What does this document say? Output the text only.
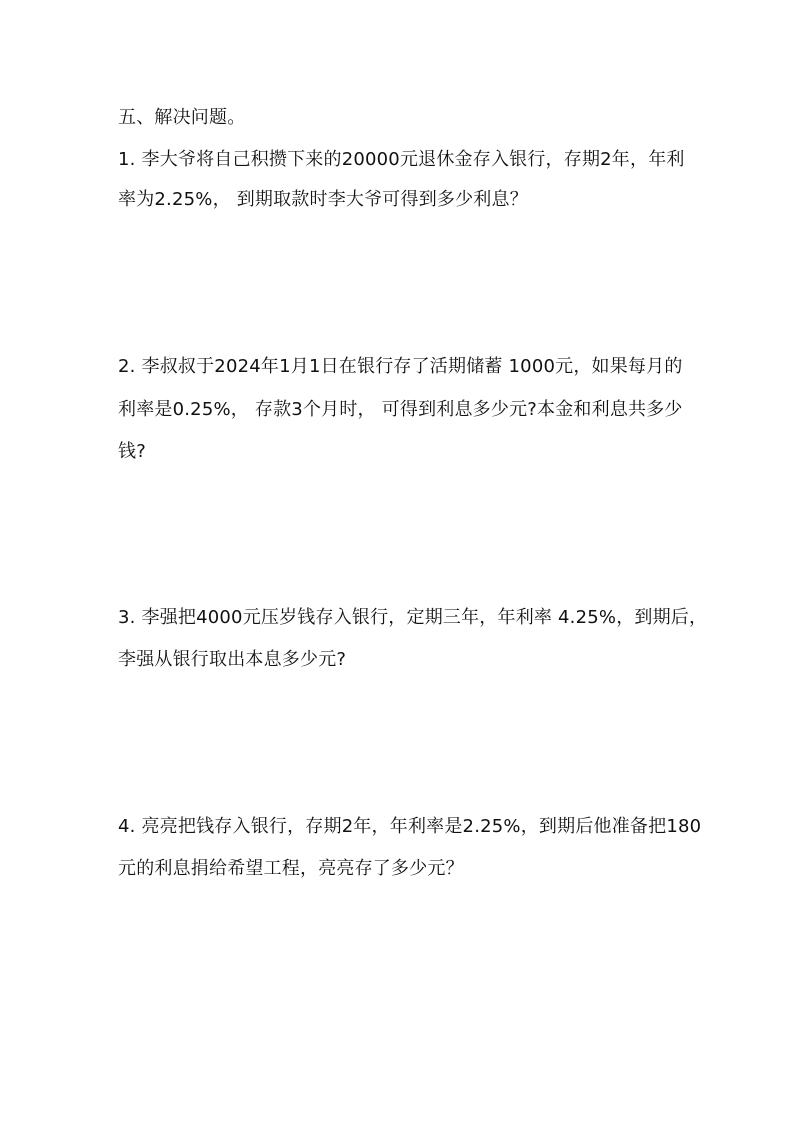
五、解决问题。
1. 李大爷将自己积攒下来的20000元退休金存入银行，存期2年，年利
率为2.25%， 到期取款时李大爷可得到多少利息？
2. 李叔叔于2024年1月1日在银行存了活期储蓄 1000元，如果每月的
利率是0.25%， 存款3个月时， 可得到利息多少元?本金和利息共多少
钱?
3. 李强把4000元压岁钱存入银行，定期三年，年利率 4.25%，到期后，
李强从银行取出本息多少元?
4. 亮亮把钱存入银行，存期2年，年利率是2.25%，到期后他准备把180
元的利息捐给希望工程，亮亮存了多少元？
